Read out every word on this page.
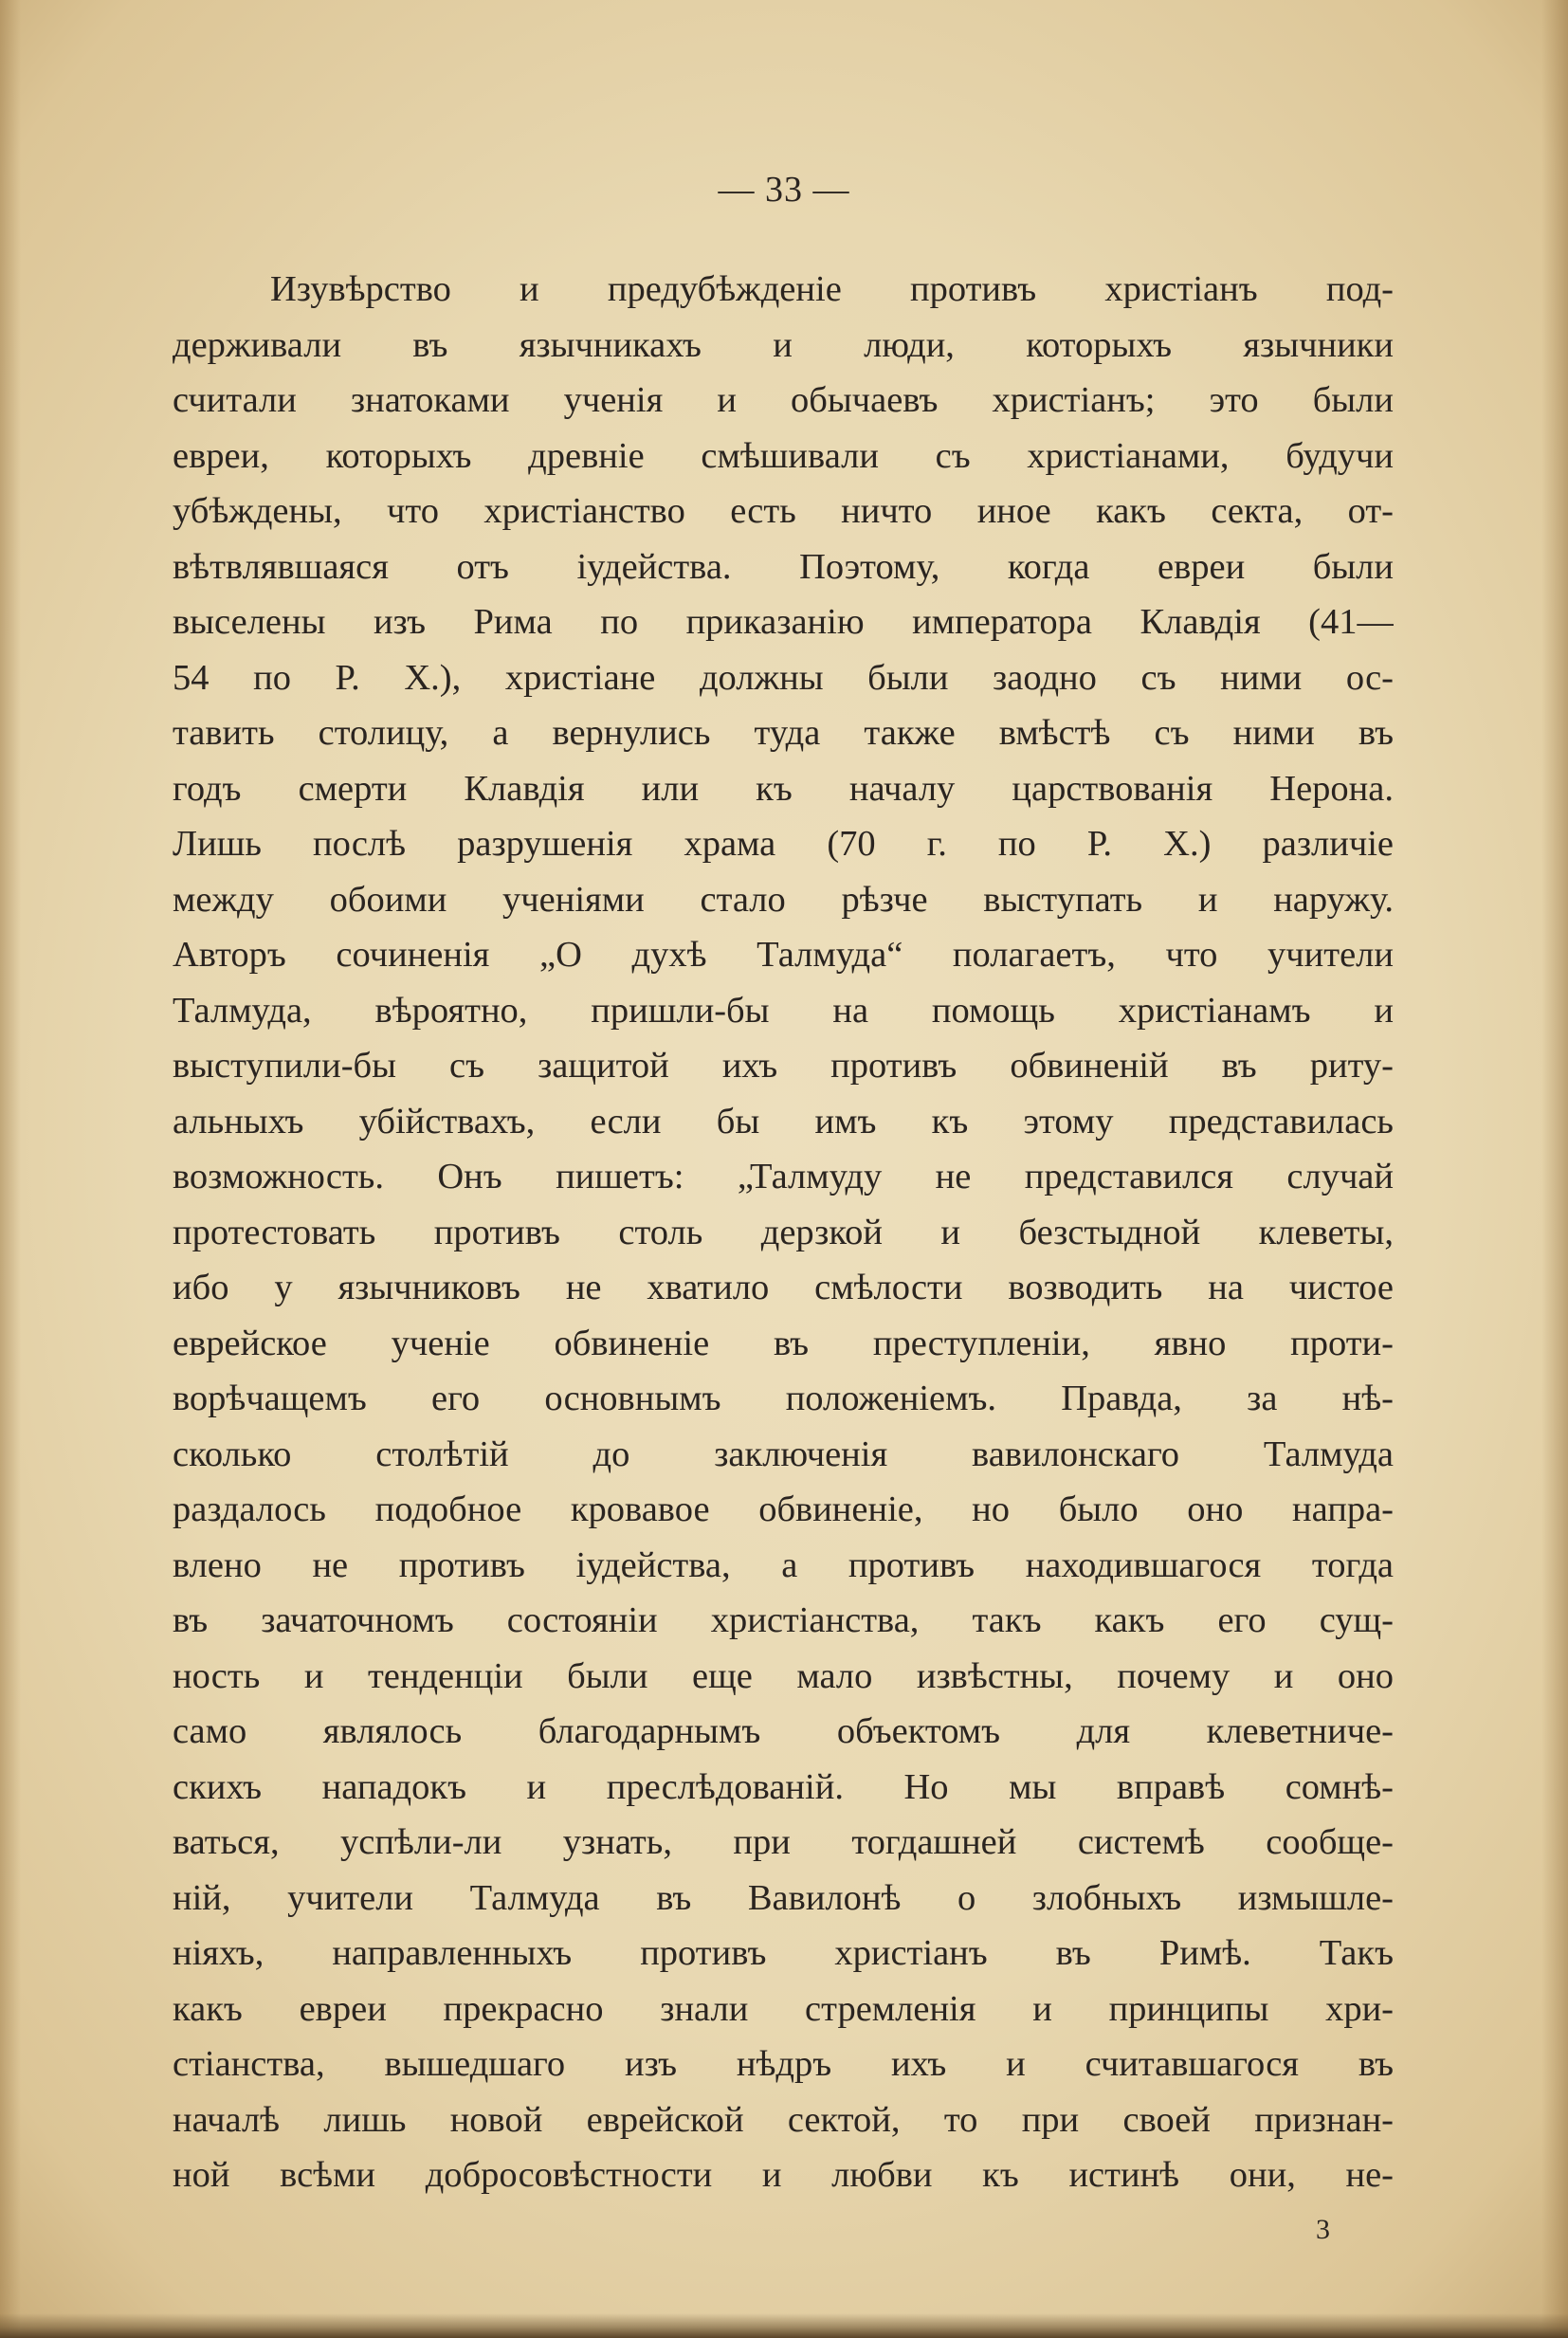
— 33 —
Изувѣрство и предубѣжденіе противъ христіанъ под-
держивали въ язычникахъ и люди, которыхъ язычники
считали знатоками ученія и обычаевъ христіанъ; это были
евреи, которыхъ древніе смѣшивали съ христіанами, будучи
убѣждены, что христіанство есть ничто иное какъ секта, от-
вѣтвлявшаяся отъ іудейства. Поэтому, когда евреи были
выселены изъ Рима по приказанію императора Клавдія (41—
54 по Р. Х.), христіане должны были заодно съ ними ос-
тавить столицу, а вернулись туда также вмѣстѣ съ ними въ
годъ смерти Клавдія или къ началу царствованія Нерона.
Лишь послѣ разрушенія храма (70 г. по Р. Х.) различіе
между обоими ученіями стало рѣзче выступать и наружу.
Авторъ сочиненія „О духѣ Талмуда“ полагаетъ, что учители
Талмуда, вѣроятно, пришли-бы на помощь христіанамъ и
выступили-бы съ защитой ихъ противъ обвиненій въ риту-
альныхъ убійствахъ, если бы имъ къ этому представилась
возможность. Онъ пишетъ: „Талмуду не представился случай
протестовать противъ столь дерзкой и безстыдной клеветы,
ибо у язычниковъ не хватило смѣлости возводить на чистое
еврейское ученіе обвиненіе въ преступленіи, явно проти-
ворѣчащемъ его основнымъ положеніемъ. Правда, за нѣ-
сколько столѣтій до заключенія вавилонскаго Талмуда
раздалось подобное кровавое обвиненіе, но было оно напра-
влено не противъ іудейства, а противъ находившагося тогда
въ зачаточномъ состояніи христіанства, такъ какъ его сущ-
ность и тенденціи были еще мало извѣстны, почему и оно
само являлось благодарнымъ объектомъ для клеветниче-
скихъ нападокъ и преслѣдованій. Но мы вправѣ сомнѣ-
ваться, успѣли-ли узнать, при тогдашней системѣ сообще-
ній, учители Талмуда въ Вавилонѣ о злобныхъ измышле-
ніяхъ, направленныхъ противъ христіанъ въ Римѣ. Такъ
какъ евреи прекрасно знали стремленія и принципы хри-
стіанства, вышедшаго изъ нѣдръ ихъ и считавшагося въ
началѣ лишь новой еврейской сектой, то при своей признан-
ной всѣми добросовѣстности и любви къ истинѣ они, не-
3
